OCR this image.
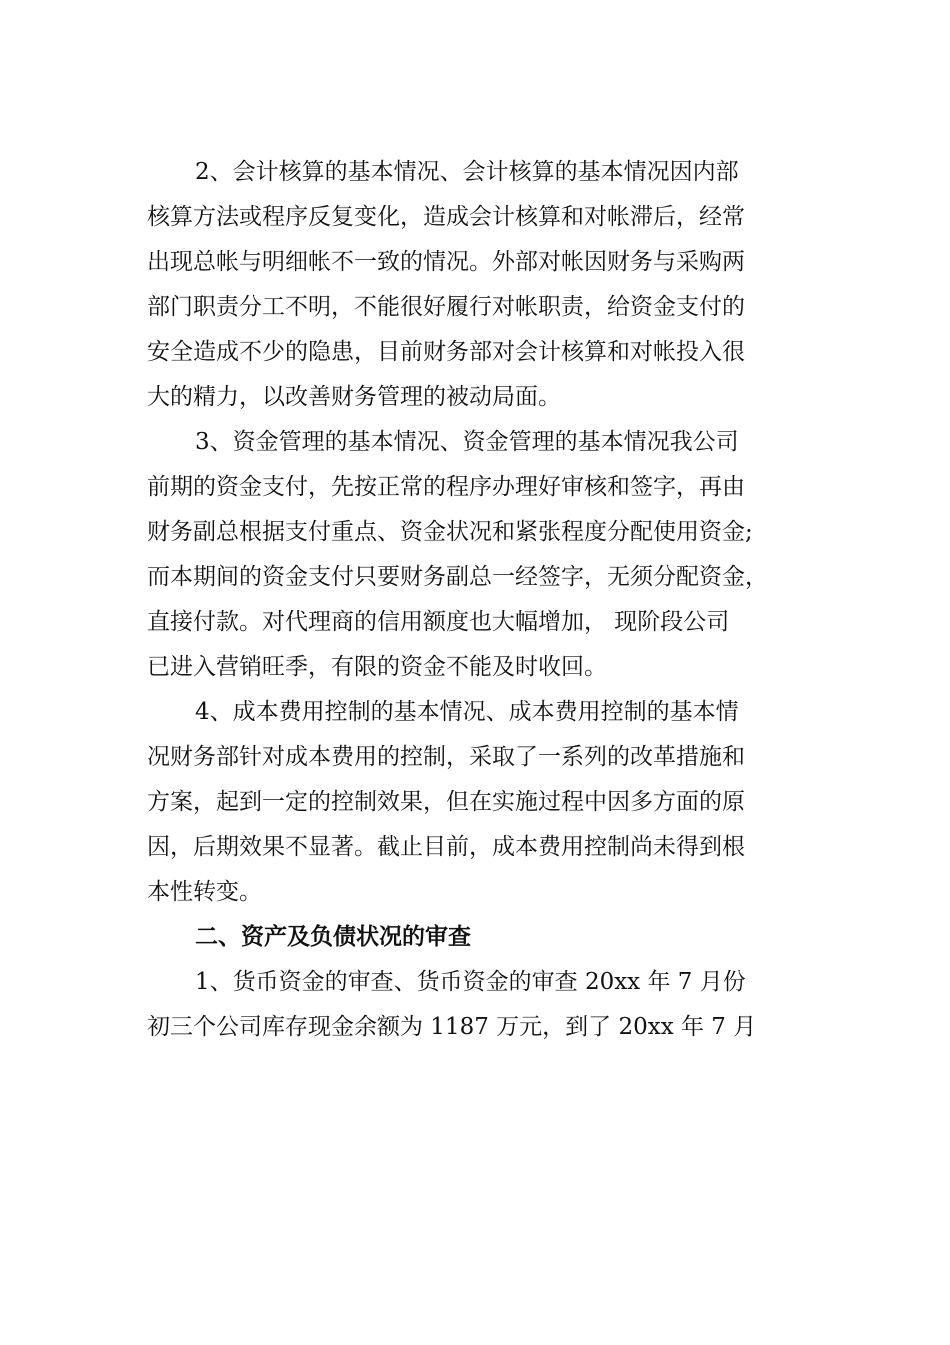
2、会计核算的基本情况、会计核算的基本情况因内部
核算方法或程序反复变化，造成会计核算和对帐滞后，经常
出现总帐与明细帐不一致的情况。外部对帐因财务与采购两
部门职责分工不明，不能很好履行对帐职责，给资金支付的
安全造成不少的隐患，目前财务部对会计核算和对帐投入很
大的精力，以改善财务管理的被动局面。
3、资金管理的基本情况、资金管理的基本情况我公司
前期的资金支付，先按正常的程序办理好审核和签字，再由
财务副总根据支付重点、资金状况和紧张程度分配使用资金;
而本期间的资金支付只要财务副总一经签字，无须分配资金，
直接付款。对代理商的信用额度也大幅增加， 现阶段公司
已进入营销旺季，有限的资金不能及时收回。
4、成本费用控制的基本情况、成本费用控制的基本情
况财务部针对成本费用的控制，采取了一系列的改革措施和
方案，起到一定的控制效果，但在实施过程中因多方面的原
因，后期效果不显著。截止目前，成本费用控制尚未得到根
本性转变。
二、资产及负债状况的审查
1、货币资金的审查、货币资金的审查 20xx 年 7 月份
初三个公司库存现金余额为 1187 万元，到了 20xx 年 7 月
